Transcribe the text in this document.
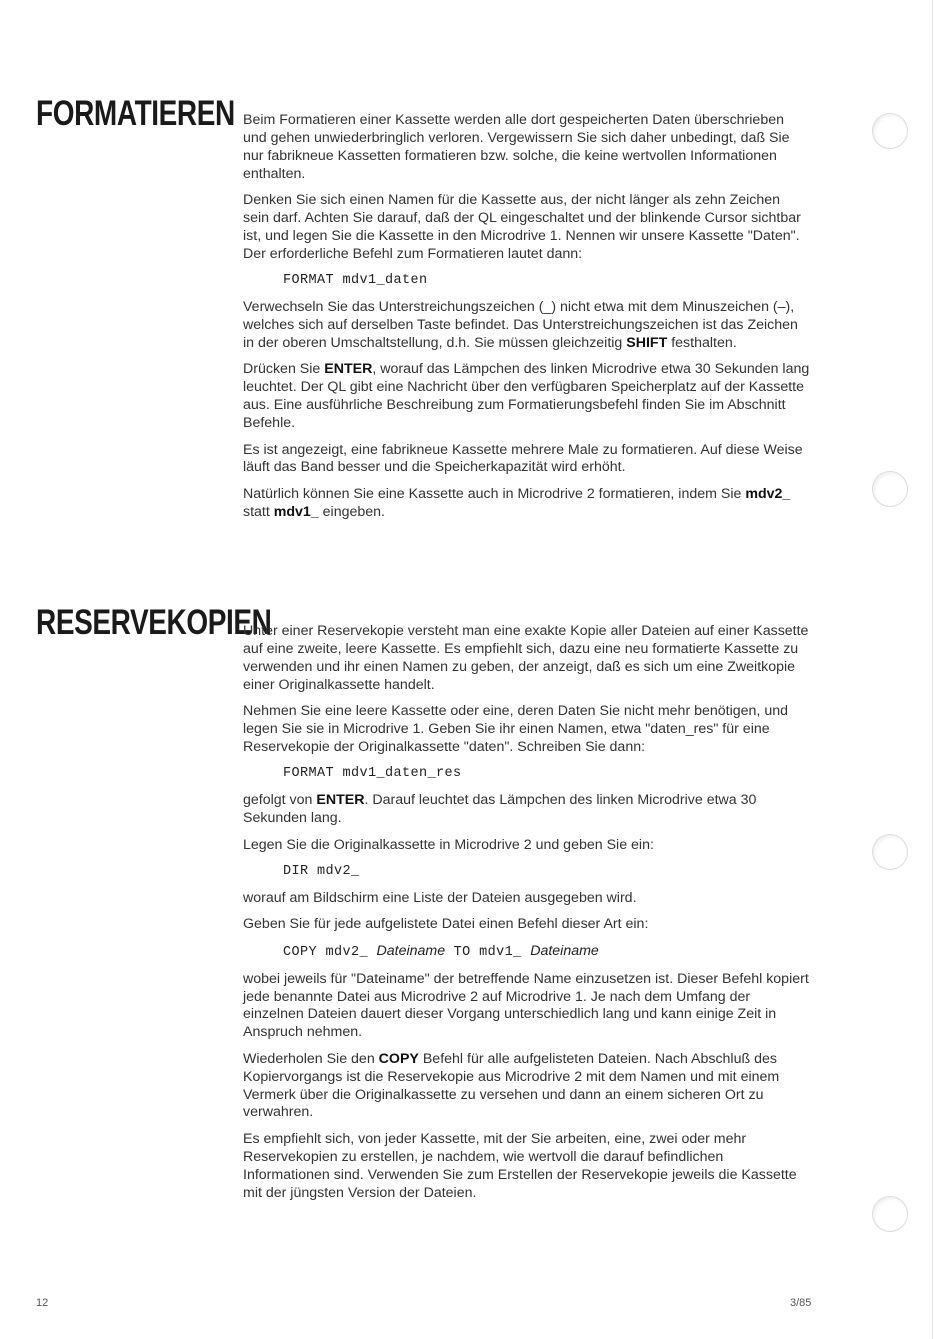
FORMATIEREN Beim Formatieren einer Kassette werden alle dort gespeicherten Daten überschrieben und gehen unwiederbringlich verloren. Vergewissern Sie sich daher unbedingt, daß Sie nur fabrikneue Kassetten formatieren bzw. solche, die keine wertvollen Informationen enthalten.

Denken Sie sich einen Namen für die Kassette aus, der nicht länger als zehn Zeichen sein darf. Achten Sie darauf, daß der QL eingeschaltet und der blinkende Cursor sichtbar ist, und legen Sie die Kassette in den Microdrive 1. Nennen wir unsere Kassette "Daten". Der erforderliche Befehl zum Formatieren lautet dann:

FORMAT mdv1_daten

Verwechseln Sie das Unterstreichungszeichen (_) nicht etwa mit dem Minuszeichen (–), welches sich auf derselben Taste befindet. Das Unterstreichungszeichen ist das Zeichen in der oberen Umschaltstellung, d.h. Sie müssen gleichzeitig SHIFT festhalten.

Drücken Sie ENTER, worauf das Lämpchen des linken Microdrive etwa 30 Sekunden lang leuchtet. Der QL gibt eine Nachricht über den verfügbaren Speicherplatz auf der Kassette aus. Eine ausführliche Beschreibung zum Formatierungsbefehl finden Sie im Abschnitt Befehle.

Es ist angezeigt, eine fabrikneue Kassette mehrere Male zu formatieren. Auf diese Weise läuft das Band besser und die Speicherkapazität wird erhöht.

Natürlich können Sie eine Kassette auch in Microdrive 2 formatieren, indem Sie mdv2_ statt mdv1_ eingeben.

RESERVEKOPIEN

Unter einer Reservekopie versteht man eine exakte Kopie aller Dateien auf einer Kassette auf eine zweite, leere Kassette. Es empfiehlt sich, dazu eine neu formatierte Kassette zu verwenden und ihr einen Namen zu geben, der anzeigt, daß es sich um eine Zweitkopie einer Originalkassette handelt.

Nehmen Sie eine leere Kassette oder eine, deren Daten Sie nicht mehr benötigen, und legen Sie sie in Microdrive 1. Geben Sie ihr einen Namen, etwa "daten_res" für eine Reservekopie der Originalkassette "daten". Schreiben Sie dann:

FORMAT mdv1_daten_res

gefolgt von ENTER. Darauf leuchtet das Lämpchen des linken Microdrive etwa 30 Sekunden lang.

Legen Sie die Originalkassette in Microdrive 2 und geben Sie ein:

DIR mdv2_

worauf am Bildschirm eine Liste der Dateien ausgegeben wird.

Geben Sie für jede aufgelistete Datei einen Befehl dieser Art ein:

COPY mdv2_ Dateiname TO mdv1_ Dateiname

wobei jeweils für "Dateiname" der betreffende Name einzusetzen ist. Dieser Befehl kopiert jede benannte Datei aus Microdrive 2 auf Microdrive 1. Je nach dem Umfang der einzelnen Dateien dauert dieser Vorgang unterschiedlich lang und kann einige Zeit in Anspruch nehmen.

Wiederholen Sie den COPY Befehl für alle aufgelisteten Dateien. Nach Abschluß des Kopiervorgangs ist die Reservekopie aus Microdrive 2 mit dem Namen und mit einem Vermerk über die Originalkassette zu versehen und dann an einem sicheren Ort zu verwahren.

Es empfiehlt sich, von jeder Kassette, mit der Sie arbeiten, eine, zwei oder mehr Reservekopien zu erstellen, je nachdem, wie wertvoll die darauf befindlichen Informationen sind. Verwenden Sie zum Erstellen der Reservekopie jeweils die Kassette mit der jüngsten Version der Dateien.

12	3/85
